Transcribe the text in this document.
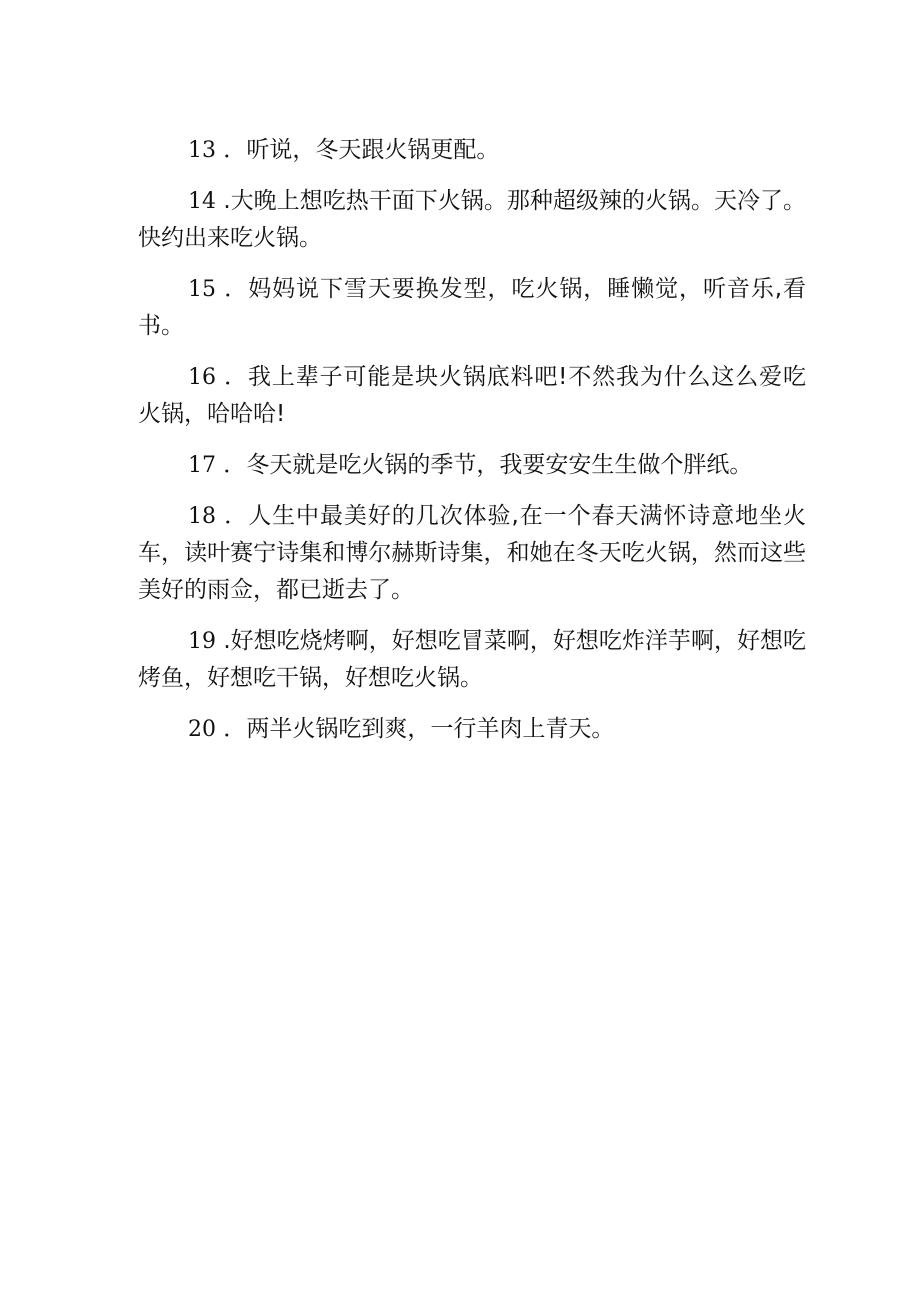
13 ．听说，冬天跟火锅更配。

14 .大晚上想吃热干面下火锅。那种超级辣的火锅。天冷了。快约出来吃火锅。

15 ．妈妈说下雪天要换发型，吃火锅，睡懒觉，听音乐,看书。

16 ．我上辈子可能是块火锅底料吧!不然我为什么这么爱吃火锅，哈哈哈!

17 ．冬天就是吃火锅的季节，我要安安生生做个胖纸。

18 ．人生中最美好的几次体验,在一个春天满怀诗意地坐火车，读叶赛宁诗集和博尔赫斯诗集，和她在冬天吃火锅，然而这些美好的雨佥，都已逝去了。

19 .好想吃烧烤啊，好想吃冒菜啊，好想吃炸洋芋啊，好想吃烤鱼，好想吃干锅，好想吃火锅。

20 ．两半火锅吃到爽，一行羊肉上青天。
